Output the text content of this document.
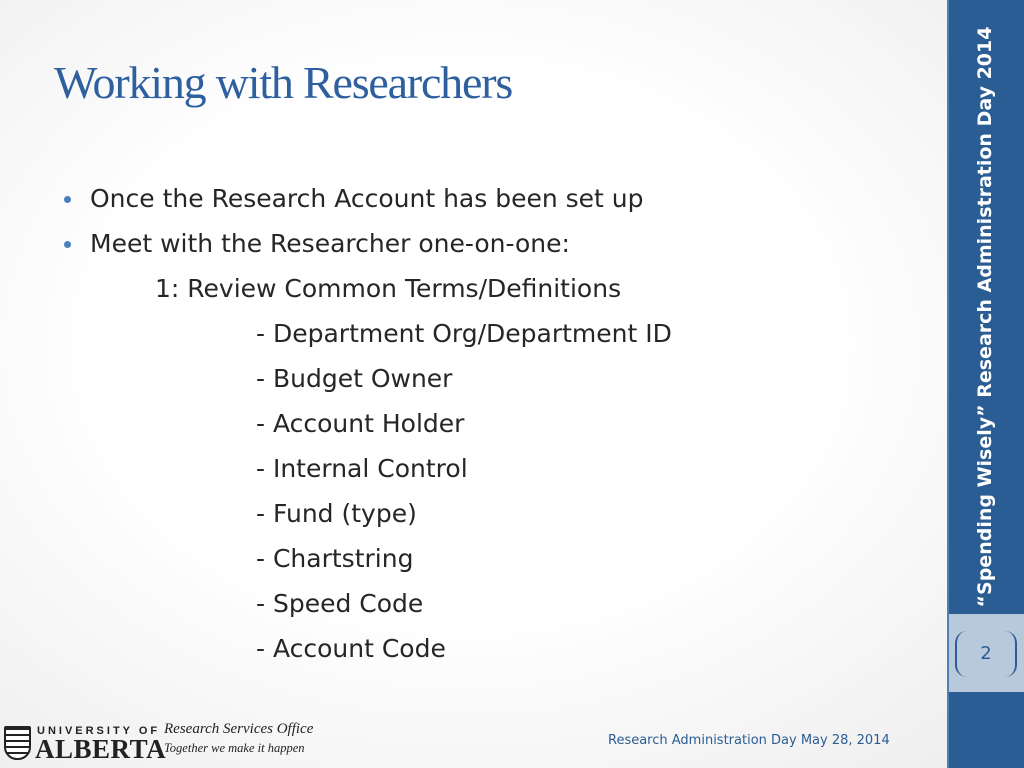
Working with Researchers
Once the Research Account has been set up
Meet with the Researcher one-on-one:
1: Review Common Terms/Definitions
- Department Org/Department ID
- Budget Owner
- Account Holder
- Internal Control
- Fund (type)
- Chartstring
- Speed Code
- Account Code
“Spending Wisely” Research Administration Day 2014
2
UNIVERSITY OF
ALBERTA
Research Services Office
Together we make it happen	Research Administration Day May 28, 2014
